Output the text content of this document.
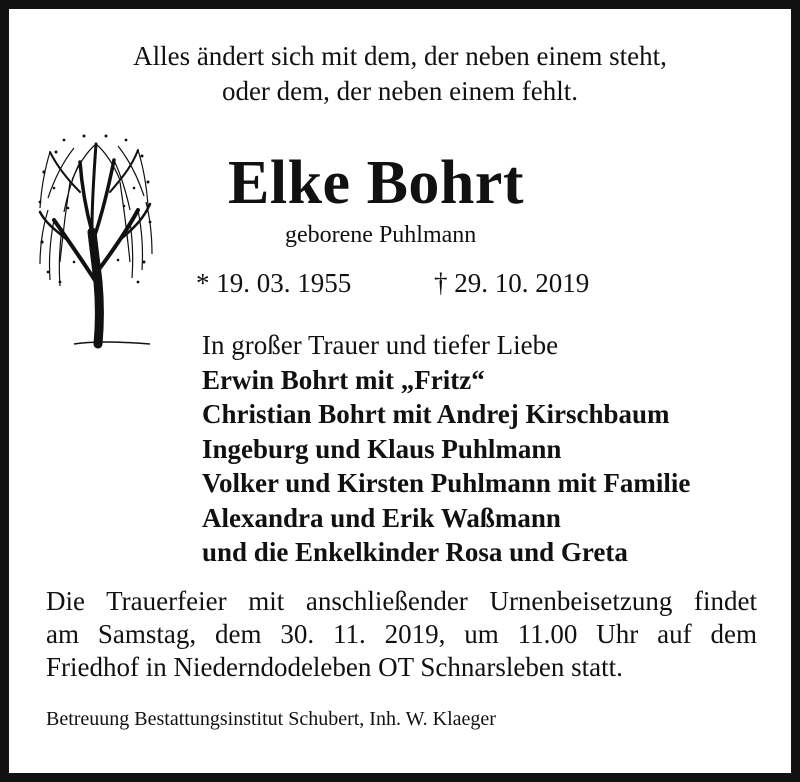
Alles ändert sich mit dem, der neben einem steht,
oder dem, der neben einem fehlt.
Elke Bohrt
geborene Puhlmann
* 19. 03. 1955	† 29. 10. 2019
In großer Trauer und tiefer Liebe
Erwin Bohrt mit „Fritz“
Christian Bohrt mit Andrej Kirschbaum
Ingeburg und Klaus Puhlmann
Volker und Kirsten Puhlmann mit Familie
Alexandra und Erik Waßmann
und die Enkelkinder Rosa und Greta
Die Trauerfeier mit anschließender Urnenbeisetzung findet
am Samstag, dem 30. 11. 2019, um 11.00 Uhr auf dem
Friedhof in Niederndodeleben OT Schnarsleben statt.
Betreuung Bestattungsinstitut Schubert, Inh. W. Klaeger
